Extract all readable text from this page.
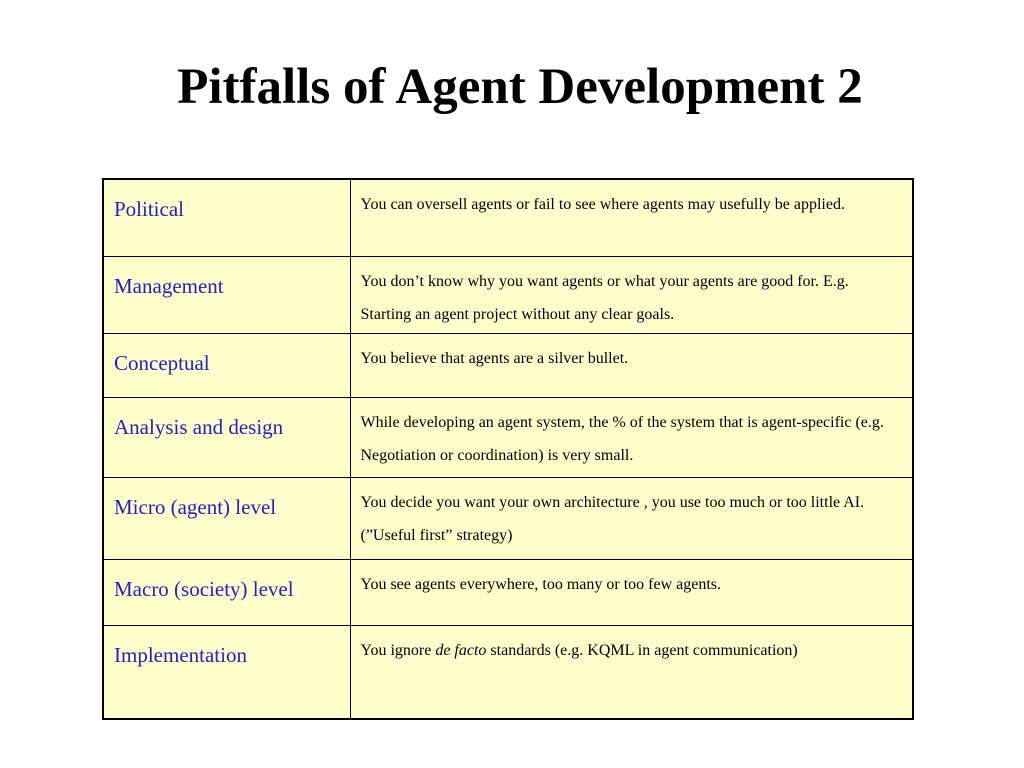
Pitfalls of Agent Development 2
Political	You can oversell agents or fail to see where agents may usefully be applied.
Management	You don’t know why you want agents or what your agents are good for. E.g. Starting an agent project without any clear goals.
Conceptual	You believe that agents are a silver bullet.
Analysis and design	While developing an agent system, the % of the system that is agent-specific (e.g. Negotiation or coordination) is very small.
Micro (agent) level	You decide you want your own architecture , you use too much or too little AI. (”Useful first” strategy)
Macro (society) level	You see agents everywhere, too many or too few agents.
Implementation	You ignore de facto standards (e.g. KQML in agent communication)
